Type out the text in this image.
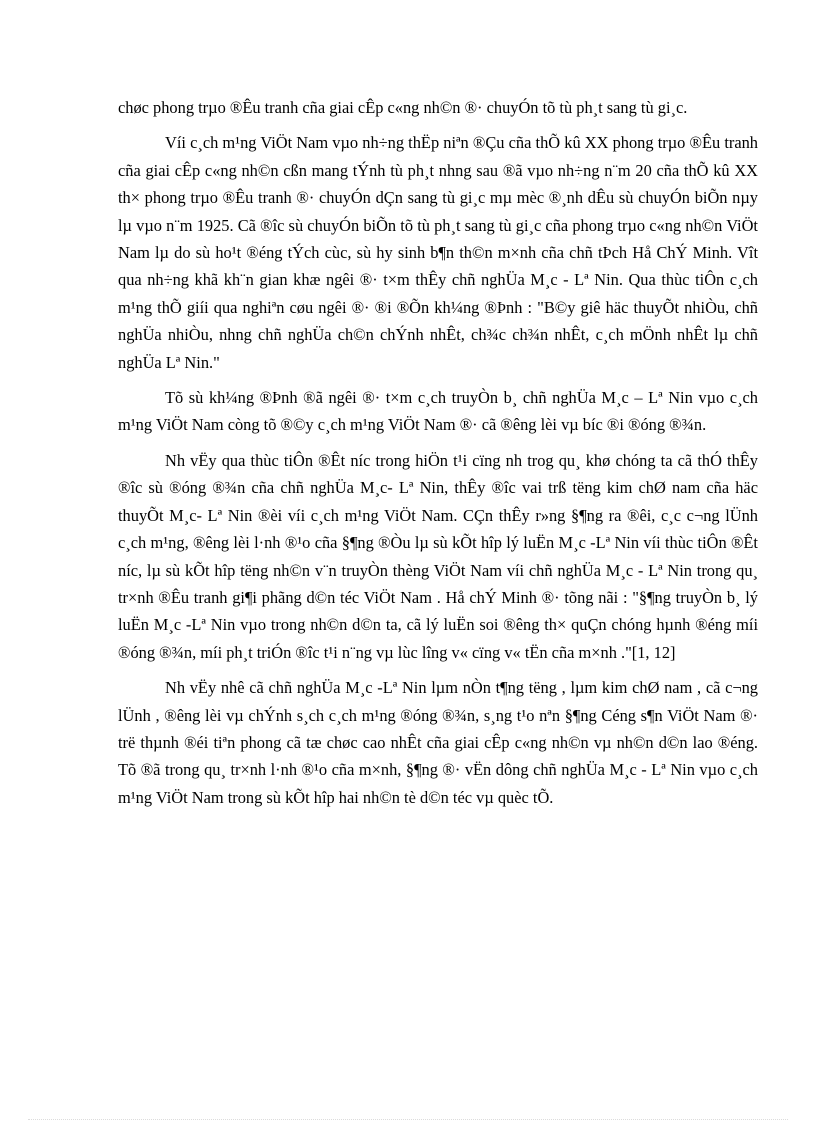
chøc phong trµo ®Êu tranh cña giai cÊp c«ng nh©n ®· chuyÓn tõ tù ph¸t sang tù gi¸c.

Víi c¸ch m¹ng ViÖt Nam vµo nh÷ng thËp niªn ®Çu cña thÕ kû XX phong trµo ®Êu tranh cña giai cÊp c«ng nh©n cßn mang tÝnh tù ph¸t nhng sau ®ã vµo nh÷ng n¨m 20 cña thÕ kû XX th× phong trµo ®Êu tranh ®· chuyÓn dÇn sang tù gi¸c mµ mèc ®¸nh dÊu sù chuyÓn biÕn nµy lµ vµo n¨m 1925. Cã ®îc sù chuyÓn biÕn tõ tù ph¸t sang tù gi¸c cña phong trµo c«ng nh©n ViÖt Nam lµ do sù ho¹t ®éng tÝch cùc, sù hy sinh b¶n th©n m×nh cña chñ tÞch Hå ChÝ Minh. Vît qua nh÷ng khã kh¨n gian khæ ngêi ®· t×m thÊy chñ nghÜa M¸c - Lª Nin. Qua thùc tiÔn c¸ch m¹ng thÕ giíi qua nghiªn cøu ngêi ®· ®i ®Õn kh¼ng ®Þnh : "B©y giê häc thuyÕt nhiÒu, chñ nghÜa nhiÒu, nhng chñ nghÜa ch©n chÝnh nhÊt, ch¾c ch¾n nhÊt, c¸ch mÖnh nhÊt lµ chñ nghÜa Lª Nin."

Tõ sù kh¼ng ®Þnh ®ã ngêi ®· t×m c¸ch truyÒn b¸ chñ nghÜa M¸c – Lª Nin vµo c¸ch m¹ng ViÖt Nam còng tõ ®©y c¸ch m¹ng ViÖt Nam ®· cã ®êng lèi vµ bíc ®i ®óng ®¾n.

Nh vËy qua thùc tiÔn ®Êt níc trong hiÖn t¹i cïng nh trog qu¸ khø chóng ta cã thÓ thÊy ®îc sù ®óng ®¾n cña chñ nghÜa M¸c- Lª Nin, thÊy ®îc vai trß tëng kim chØ nam cña häc thuyÕt M¸c- Lª Nin ®èi víi c¸ch m¹ng ViÖt Nam. CÇn thÊy r»ng §¶ng ra ®êi, c¸c c¬ng lÜnh c¸ch m¹ng, ®êng lèi l·nh ®¹o cña §¶ng ®Òu lµ sù kÕt hîp lý luËn M¸c -Lª Nin víi thùc tiÔn ®Êt níc, lµ sù kÕt hîp tëng nh©n v¨n truyÒn thèng ViÖt Nam víi chñ nghÜa M¸c - Lª Nin trong qu¸ tr×nh ®Êu tranh gi¶i phãng d©n téc ViÖt Nam . Hå chÝ Minh ®· tõng nãi : "§¶ng truyÒn b¸ lý luËn M¸c -Lª Nin vµo trong nh©n d©n ta, cã lý luËn soi ®êng th× quÇn chóng hµnh ®éng míi ®óng ®¾n, míi ph¸t triÓn ®îc t¹i n¨ng vµ lùc lîng v« cïng v« tËn cña m×nh ."[1, 12]

Nh vËy nhê cã chñ nghÜa M¸c -Lª Nin lµm nÒn t¶ng tëng , lµm kim chØ nam , cã c¬ng lÜnh , ®êng lèi vµ chÝnh s¸ch c¸ch m¹ng ®óng ®¾n, s¸ng t¹o nªn §¶ng Céng s¶n ViÖt Nam ®· trë thµnh ®éi tiªn phong cã tæ chøc cao nhÊt cña giai cÊp c«ng nh©n vµ nh©n d©n lao ®éng. Tõ ®ã trong qu¸ tr×nh l·nh ®¹o cña m×nh, §¶ng ®· vËn dông chñ nghÜa M¸c - Lª Nin vµo c¸ch m¹ng ViÖt Nam trong sù kÕt hîp hai nh©n tè d©n téc vµ quèc tÕ.
